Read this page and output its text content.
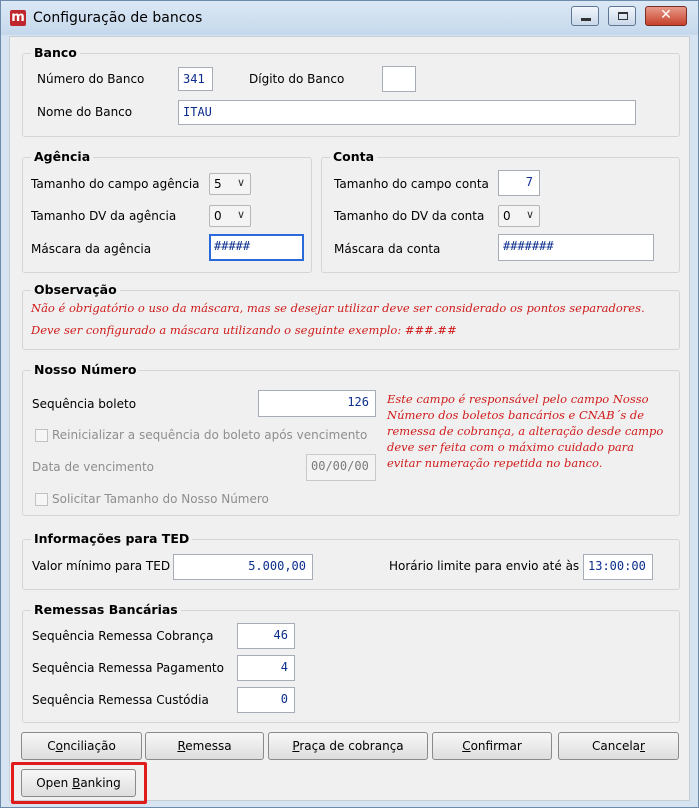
m Configuração de bancos	✕
Banco
Número do Banco	341	Dígito do Banco
Nome do Banco	ITAU
Agência
Tamanho do campo agência 5 ∨
Tamanho DV da agência	0 ∨
Máscara da agência	#####
Conta
Tamanho do campo conta	7
Tamanho do DV da conta 0 ∨
Máscara da conta	#######
Observação
Não é obrigatório o uso da máscara, mas se desejar utilizar deve ser considerado os pontos separadores.
Deve ser configurado a máscara utilizando o seguinte exemplo: ###.##
Nosso Número
Sequência boleto	126
Reinicializar a sequência do boleto após vencimento
Data de vencimento	00/00/00
Solicitar Tamanho do Nosso Número
Este campo é responsável pelo campo Nosso
Número dos boletos bancários e CNAB´s de
remessa de cobrança, a alteração desde campo
deve ser feita com o máximo cuidado para
evitar numeração repetida no banco.
Informações para TED
Valor mínimo para TED	5.000,00	Horário limite para envio até às 13:00:00
Remessas Bancárias
Sequência Remessa Cobrança	46
Sequência Remessa Pagamento	4
Sequência Remessa Custódia	0
Conciliação	Remessa	Praça de cobrança	Confirmar	Cancelar
Open Banking
